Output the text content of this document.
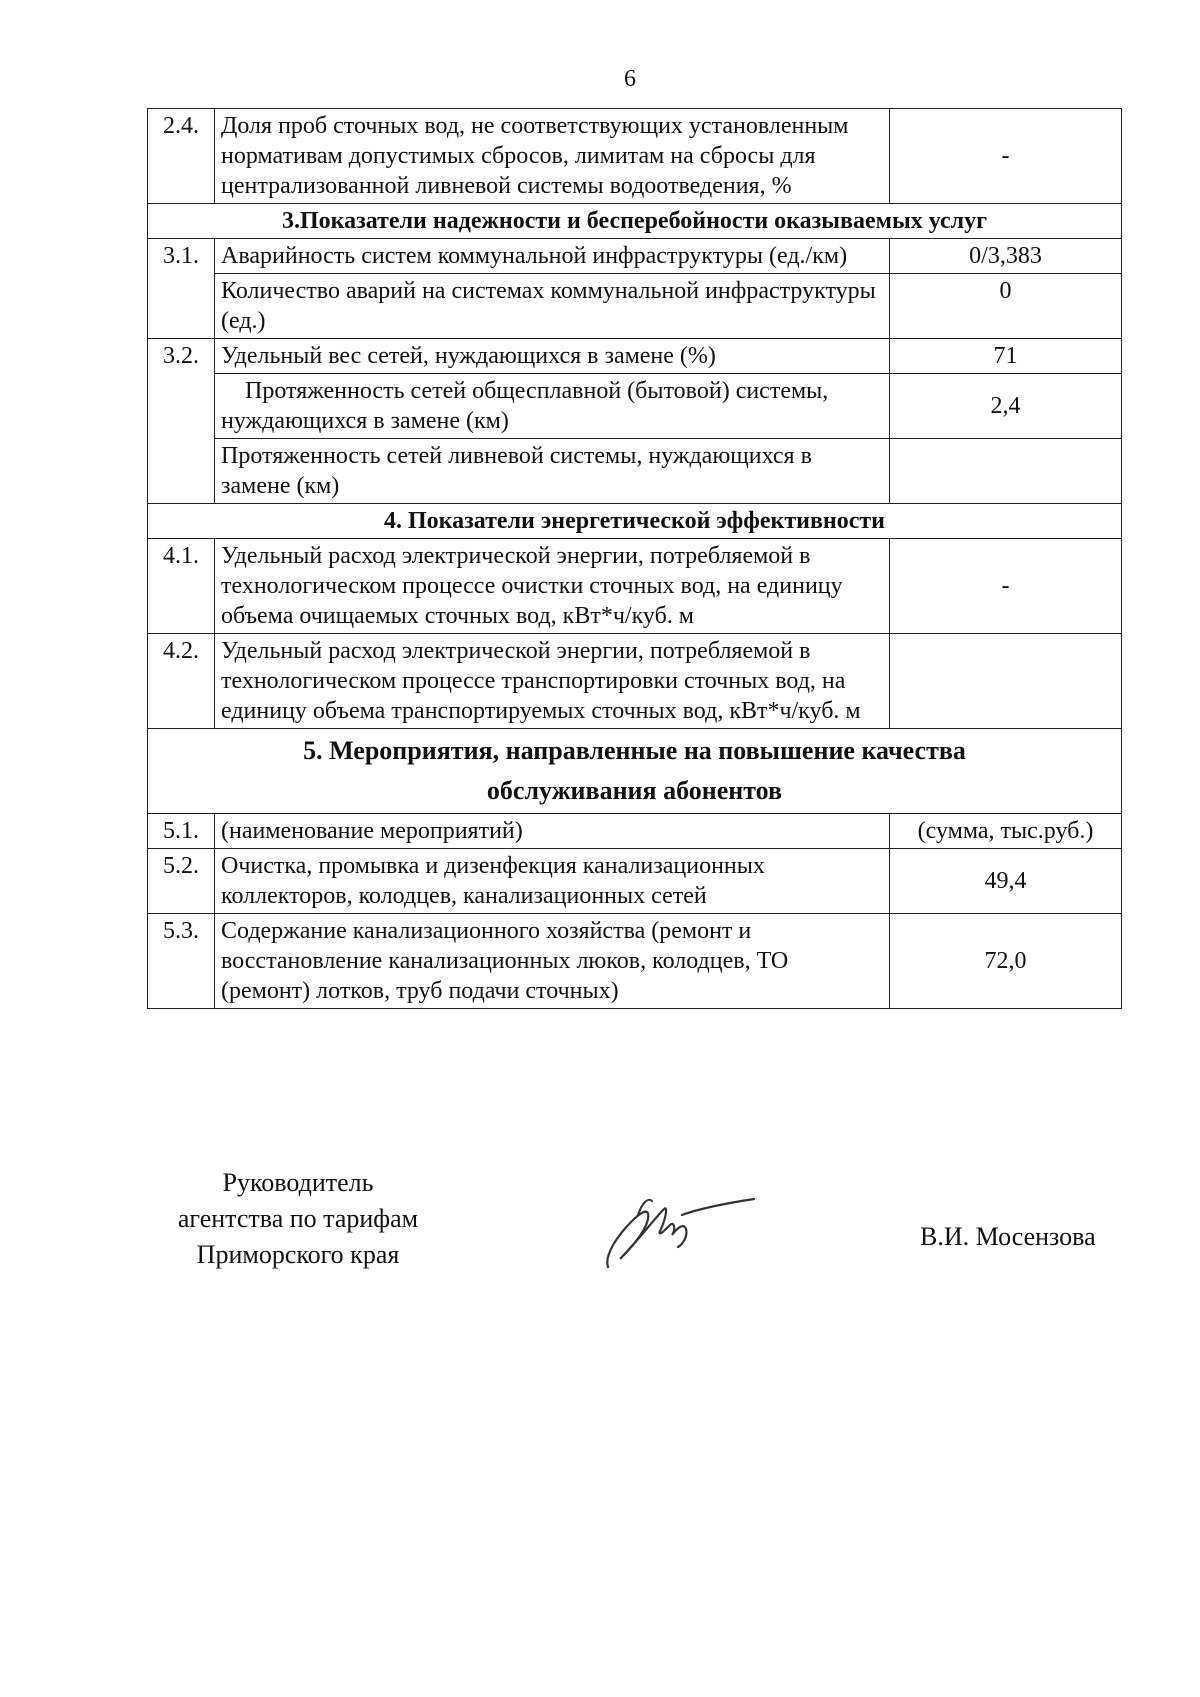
6
2.4.	Доля проб сточных вод, не соответствующих установленным нормативам допустимых сбросов, лимитам на сбросы для централизованной ливневой системы водоотведения, %	-
3.Показатели надежности и бесперебойности оказываемых услуг		
3.1.	Аварийность систем коммунальной инфраструктуры (ед./км)	0/3,383
	Количество аварий на системах коммунальной инфраструктуры (ед.)	0
3.2.	Удельный вес сетей, нуждающихся в замене (%)	71
	Протяженность сетей общесплавной (бытовой) системы, нуждающихся в замене (км)	2,4
	Протяженность сетей ливневой системы, нуждающихся в замене (км)	
4. Показатели энергетической эффективности		
4.1.	Удельный расход электрической энергии, потребляемой в технологическом процессе очистки сточных вод, на единицу объема очищаемых сточных вод, кВт*ч/куб. м	-
4.2.	Удельный расход электрической энергии, потребляемой в технологическом процессе транспортировки сточных вод, на единицу объема транспортируемых сточных вод, кВт*ч/куб. м	

5. Мероприятия, направленные на повышение качества
обслуживания абонентов		

5.1.	(наименование мероприятий)	(сумма, тыс.руб.)
5.2.	Очистка, промывка и дизенфекция канализационных коллекторов, колодцев, канализационных сетей	49,4
5.3.	Содержание канализационного хозяйства (ремонт и восстановление канализационных люков, колодцев, ТО (ремонт) лотков, труб подачи сточных)	72,0
Руководитель
агентства по тарифам
Приморского края
В.И. Мосензова
